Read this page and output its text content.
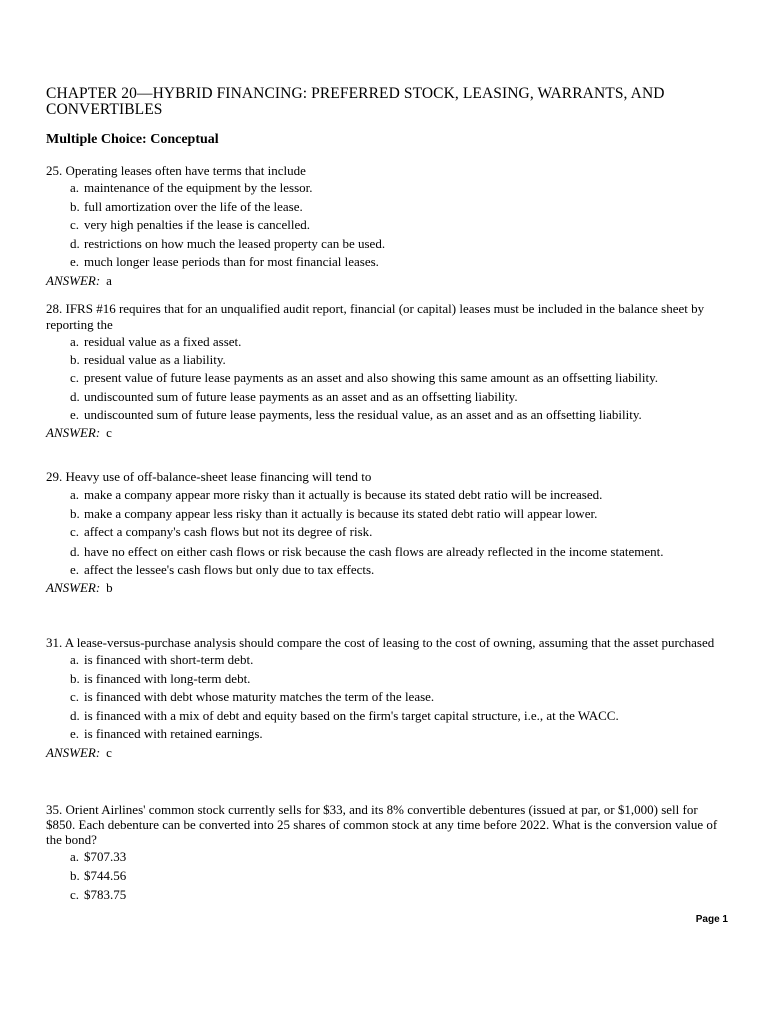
CHAPTER 20—HYBRID FINANCING: PREFERRED STOCK, LEASING, WARRANTS, AND CONVERTIBLES
Multiple Choice: Conceptual
25. Operating leases often have terms that include
a. maintenance of the equipment by the lessor.
b. full amortization over the life of the lease.
c. very high penalties if the lease is cancelled.
d. restrictions on how much the leased property can be used.
e. much longer lease periods than for most financial leases.
ANSWER: a
28. IFRS #16 requires that for an unqualified audit report, financial (or capital) leases must be included in the balance sheet by reporting the
a. residual value as a fixed asset.
b. residual value as a liability.
c. present value of future lease payments as an asset and also showing this same amount as an offsetting liability.
d. undiscounted sum of future lease payments as an asset and as an offsetting liability.
e. undiscounted sum of future lease payments, less the residual value, as an asset and as an offsetting liability.
ANSWER: c
29. Heavy use of off-balance-sheet lease financing will tend to
a. make a company appear more risky than it actually is because its stated debt ratio will be increased.
b. make a company appear less risky than it actually is because its stated debt ratio will appear lower.
c. affect a company's cash flows but not its degree of risk.
d. have no effect on either cash flows or risk because the cash flows are already reflected in the income statement.
e. affect the lessee's cash flows but only due to tax effects.
ANSWER: b
31. A lease-versus-purchase analysis should compare the cost of leasing to the cost of owning, assuming that the asset purchased
a. is financed with short-term debt.
b. is financed with long-term debt.
c. is financed with debt whose maturity matches the term of the lease.
d. is financed with a mix of debt and equity based on the firm's target capital structure, i.e., at the WACC.
e. is financed with retained earnings.
ANSWER: c
35. Orient Airlines' common stock currently sells for $33, and its 8% convertible debentures (issued at par, or $1,000) sell for $850. Each debenture can be converted into 25 shares of common stock at any time before 2022. What is the conversion value of the bond?
a. $707.33
b. $744.56
c. $783.75
Page 1
